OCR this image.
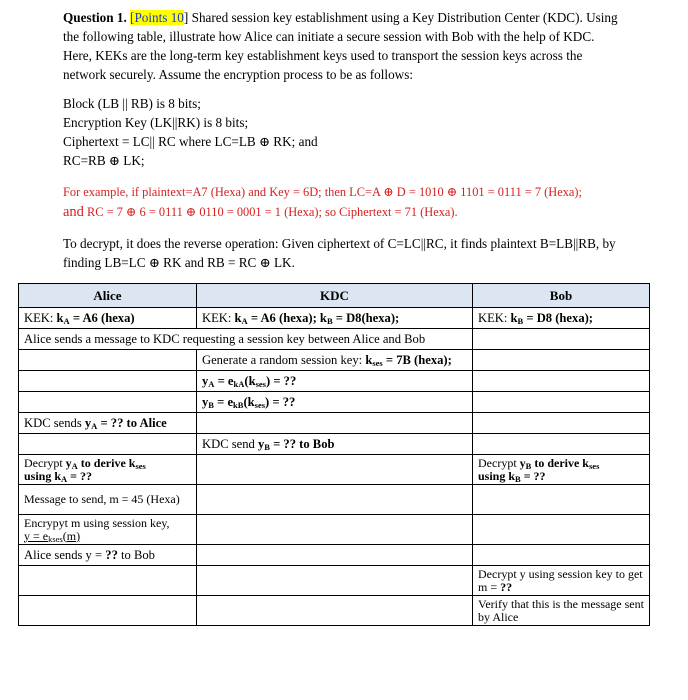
Question 1. [Points 10] Shared session key establishment using a Key Distribution Center (KDC). Using the following table, illustrate how Alice can initiate a secure session with Bob with the help of KDC. Here, KEKs are the long-term key establishment keys used to transport the session keys across the network securely. Assume the encryption process to be as follows:

Block (LB || RB) is 8 bits;

Encryption Key (LK||RK) is 8 bits;

Ciphertext = LC|| RC where LC=LB ⊕ RK; and

RC=RB ⊕ LK;

For example, if plaintext=A7 (Hexa) and Key = 6D; then LC=A ⊕ D = 1010 ⊕ 1101 = 0111 = 7 (Hexa);

and RC = 7 ⊕ 6 = 0111 ⊕ 0110 = 0001 = 1 (Hexa); so Ciphertext = 71 (Hexa).

To decrypt, it does the reverse operation: Given ciphertext of C=LC||RC, it finds plaintext B=LB||RB, by finding LB=LC ⊕ RK and RB = RC ⊕ LK.

Alice	KDC	Bob
KEK: $k_A = A6$ (hexa)	KEK: $k_A = A6$ (hexa); $k_B$ = D8(hexa);	KEK: $k_B = D8$ (hexa);
Alice sends a message to KDC requesting a session key between Alice and Bob		
	Generate a random session key: $k_{ses} = 7B$ (hexa);	
	$y_A = e_{kA}(k_{ses})$ = ??	
	$y_B = e_{kB}(k_{ses})$ = ??	
KDC sends $y_A$ = ?? to Alice		
	KDC send $y_B$ = ?? to Bob	
Decrypt $y_A$ to derive $k_{ses}$
using $k_A$ = ??		Decrypt $y_B$ to derive $k_{ses}$
using $k_B$ = ??
Message to send, m = 45 (Hexa)		
Encrypyt m using session key,
$y = e_{kses}(m)$		
Alice sends y = ?? to Bob		
		Decrypt y using session key to get m = ??
		Verify that this is the message sent by Alice
